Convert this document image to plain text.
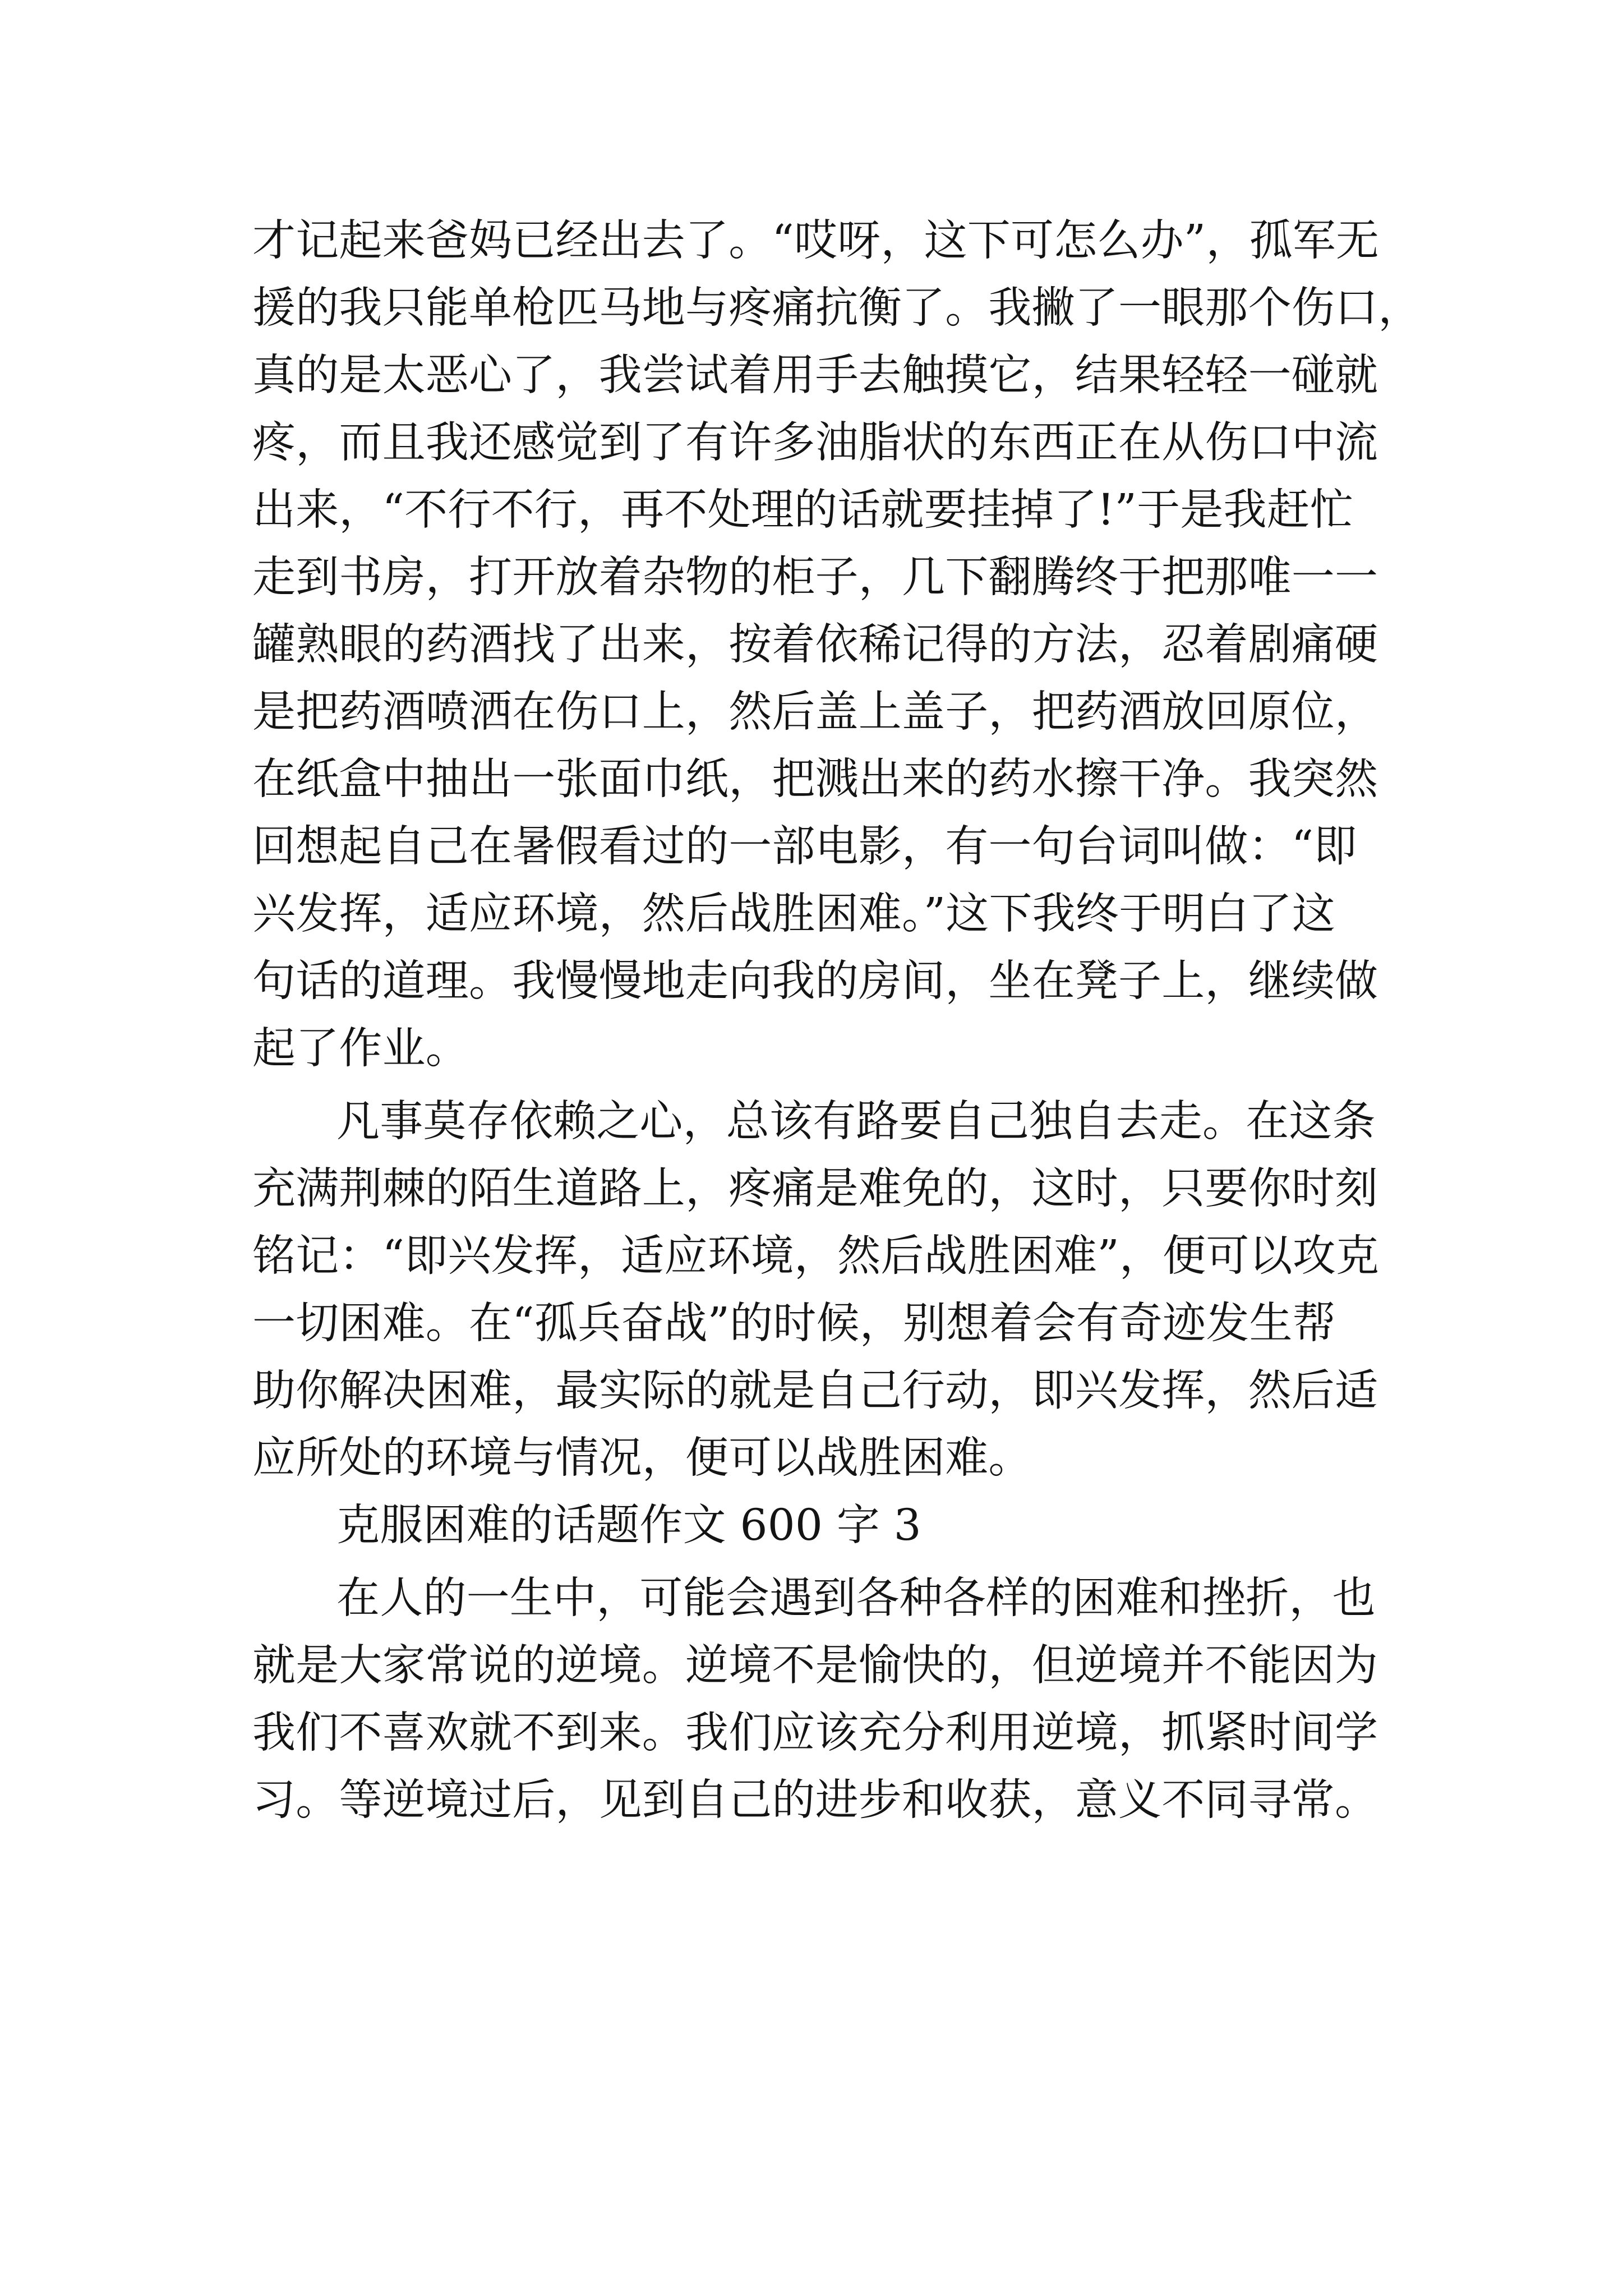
才记起来爸妈已经出去了。“哎呀，这下可怎么办”，孤军无
援的我只能单枪匹马地与疼痛抗衡了。我撇了一眼那个伤口，
真的是太恶心了，我尝试着用手去触摸它，结果轻轻一碰就
疼，而且我还感觉到了有许多油脂状的东西正在从伤口中流
出来，“不行不行，再不处理的话就要挂掉了!”于是我赶忙
走到书房，打开放着杂物的柜子，几下翻腾终于把那唯一一
罐熟眼的药酒找了出来，按着依稀记得的方法，忍着剧痛硬
是把药酒喷洒在伤口上，然后盖上盖子，把药酒放回原位，
在纸盒中抽出一张面巾纸，把溅出来的药水擦干净。我突然
回想起自己在暑假看过的一部电影，有一句台词叫做：“即
兴发挥，适应环境，然后战胜困难。”这下我终于明白了这
句话的道理。我慢慢地走向我的房间，坐在凳子上，继续做
起了作业。
凡事莫存依赖之心，总该有路要自己独自去走。在这条
充满荆棘的陌生道路上，疼痛是难免的，这时，只要你时刻
铭记：“即兴发挥，适应环境，然后战胜困难”，便可以攻克
一切困难。在“孤兵奋战”的时候，别想着会有奇迹发生帮
助你解决困难，最实际的就是自己行动，即兴发挥，然后适
应所处的环境与情况，便可以战胜困难。
克服困难的话题作文 600 字 3
在人的一生中，可能会遇到各种各样的困难和挫折，也
就是大家常说的逆境。逆境不是愉快的，但逆境并不能因为
我们不喜欢就不到来。我们应该充分利用逆境，抓紧时间学
习。等逆境过后，见到自己的进步和收获，意义不同寻常。
